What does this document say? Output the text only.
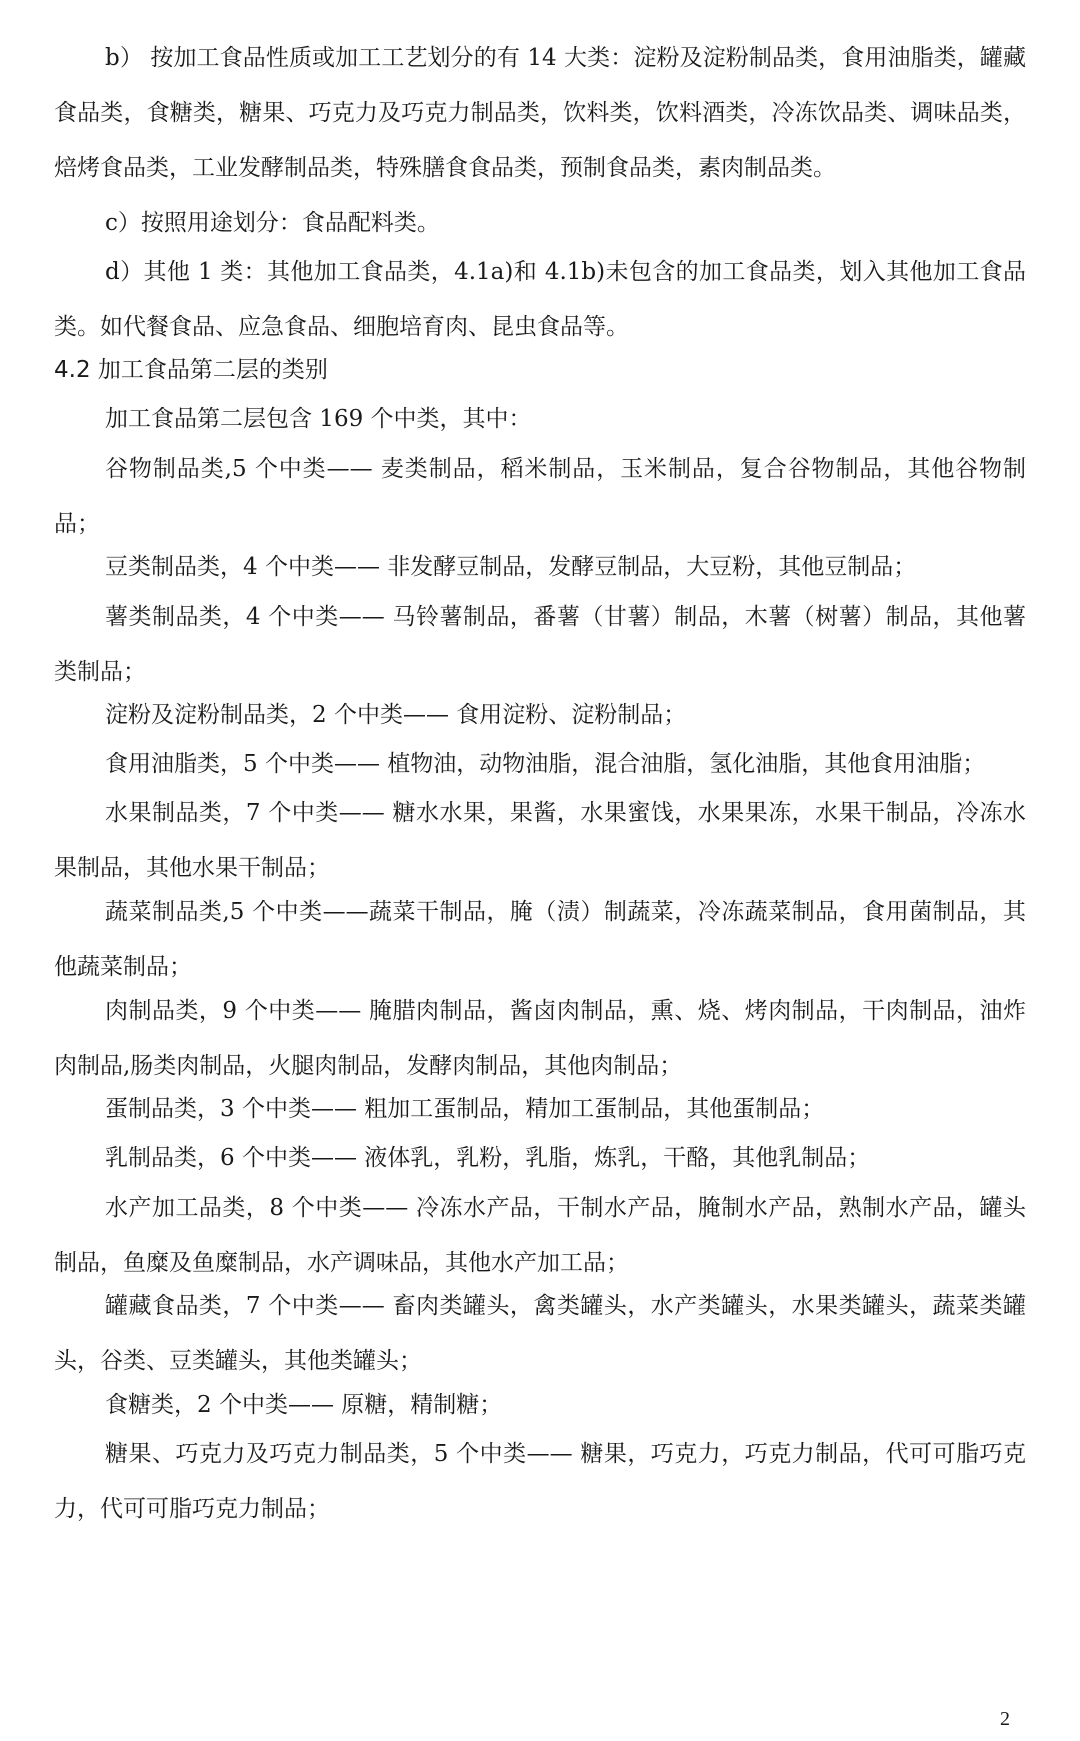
b） 按加工食品性质或加工工艺划分的有 14 大类：淀粉及淀粉制品类，食用油脂类，罐藏食品类，食糖类，糖果、巧克力及巧克力制品类，饮料类，饮料酒类，冷冻饮品类、调味品类，焙烤食品类，工业发酵制品类，特殊膳食食品类，预制食品类，素肉制品类。

c）按照用途划分：食品配料类。

d）其他 1 类：其他加工食品类，4.1a)和 4.1b)未包含的加工食品类，划入其他加工食品类。如代餐食品、应急食品、细胞培育肉、昆虫食品等。

4.2 加工食品第二层的类别

加工食品第二层包含 169 个中类，其中：

谷物制品类,5 个中类—— 麦类制品，稻米制品，玉米制品，复合谷物制品，其他谷物制品；

豆类制品类，4 个中类—— 非发酵豆制品，发酵豆制品，大豆粉，其他豆制品；

薯类制品类，4 个中类—— 马铃薯制品，番薯（甘薯）制品，木薯（树薯）制品，其他薯类制品；

淀粉及淀粉制品类，2 个中类—— 食用淀粉、淀粉制品；

食用油脂类，5 个中类—— 植物油，动物油脂，混合油脂，氢化油脂，其他食用油脂；

水果制品类，7 个中类—— 糖水水果，果酱，水果蜜饯，水果果冻，水果干制品，冷冻水果制品，其他水果干制品；

蔬菜制品类,5 个中类——蔬菜干制品，腌（渍）制蔬菜，冷冻蔬菜制品，食用菌制品，其他蔬菜制品；

肉制品类，9 个中类—— 腌腊肉制品，酱卤肉制品，熏、烧、烤肉制品，干肉制品，油炸肉制品,肠类肉制品，火腿肉制品，发酵肉制品，其他肉制品；

蛋制品类，3 个中类—— 粗加工蛋制品，精加工蛋制品，其他蛋制品；

乳制品类，6 个中类—— 液体乳，乳粉，乳脂，炼乳，干酪，其他乳制品；

水产加工品类，8 个中类—— 冷冻水产品，干制水产品，腌制水产品，熟制水产品，罐头制品，鱼糜及鱼糜制品，水产调味品，其他水产加工品；

罐藏食品类，7 个中类—— 畜肉类罐头，禽类罐头，水产类罐头，水果类罐头，蔬菜类罐头，谷类、豆类罐头，其他类罐头；

食糖类，2 个中类—— 原糖，精制糖；

糖果、巧克力及巧克力制品类，5 个中类—— 糖果，巧克力，巧克力制品，代可可脂巧克力，代可可脂巧克力制品；

2
